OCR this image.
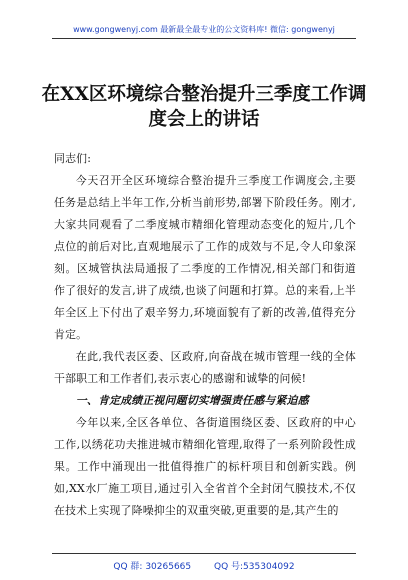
www.gongwenyj.com 最新最全最专业的公文资料库! 微信: gongwenyj
在XX区环境综合整治提升三季度工作调度会上的讲话

同志们:

今天召开全区环境综合整治提升三季度工作调度会,主要任务是总结上半年工作,分析当前形势,部署下阶段任务。刚才,大家共同观看了二季度城市精细化管理动态变化的短片,几个点位的前后对比,直观地展示了工作的成效与不足,令人印象深刻。区城管执法局通报了二季度的工作情况,相关部门和街道作了很好的发言,讲了成绩,也谈了问题和打算。总的来看,上半年全区上下付出了艰辛努力,环境面貌有了新的改善,值得充分肯定。

在此,我代表区委、区政府,向奋战在城市管理一线的全体干部职工和工作者们,表示衷心的感谢和诚挚的问候!

一、肯定成绩正视问题切实增强责任感与紧迫感

今年以来,全区各单位、各街道围绕区委、区政府的中心工作,以绣花功夫推进城市精细化管理,取得了一系列阶段性成果。工作中涌现出一批值得推广的标杆项目和创新实践。例如,XX水厂施工项目,通过引入全省首个全封闭气膜技术,不仅在技术上实现了降噪抑尘的双重突破,更重要的是,其产生的

QQ 群: 30265665	QQ 号:535304092
